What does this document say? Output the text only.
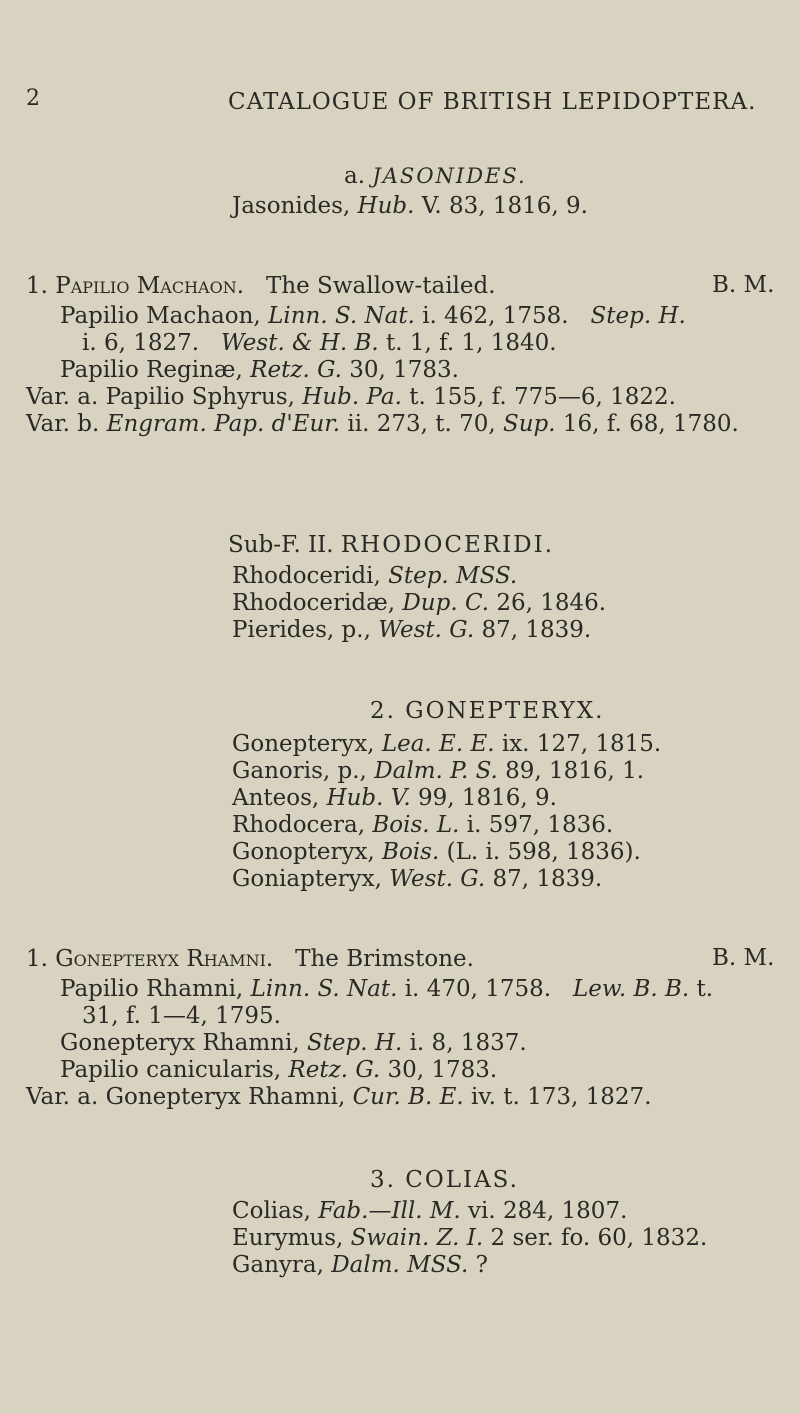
2	CATALOGUE OF BRITISH LEPIDOPTERA.
a. JASONIDES.
Jasonides, Hub. V. 83, 1816, 9.
1. Papilio Machaon. The Swallow-tailed.	B. M.
Papilio Machaon, Linn. S. Nat. i. 462, 1758. Step. H.
i. 6, 1827. West. & H. B. t. 1, f. 1, 1840.
Papilio Reginæ, Retz. G. 30, 1783.
Var. a. Papilio Sphyrus, Hub. Pa. t. 155, f. 775—6, 1822.
Var. b. Engram. Pap. d'Eur. ii. 273, t. 70, Sup. 16, f. 68, 1780.
Sub-F. II. RHODOCERIDI.
Rhodoceridi, Step. MSS.
Rhodoceridæ, Dup. C. 26, 1846.
Pierides, p., West. G. 87, 1839.
2. GONEPTERYX.
Gonepteryx, Lea. E. E. ix. 127, 1815.
Ganoris, p., Dalm. P. S. 89, 1816, 1.
Anteos, Hub. V. 99, 1816, 9.
Rhodocera, Bois. L. i. 597, 1836.
Gonopteryx, Bois. (L. i. 598, 1836).
Goniapteryx, West. G. 87, 1839.
1. Gonepteryx Rhamni. The Brimstone.	B. M.
Papilio Rhamni, Linn. S. Nat. i. 470, 1758. Lew. B. B. t.
31, f. 1—4, 1795.
Gonepteryx Rhamni, Step. H. i. 8, 1837.
Papilio canicularis, Retz. G. 30, 1783.
Var. a. Gonepteryx Rhamni, Cur. B. E. iv. t. 173, 1827.
3. COLIAS.
Colias, Fab.—Ill. M. vi. 284, 1807.
Eurymus, Swain. Z. I. 2 ser. fo. 60, 1832.
Ganyra, Dalm. MSS. ?
